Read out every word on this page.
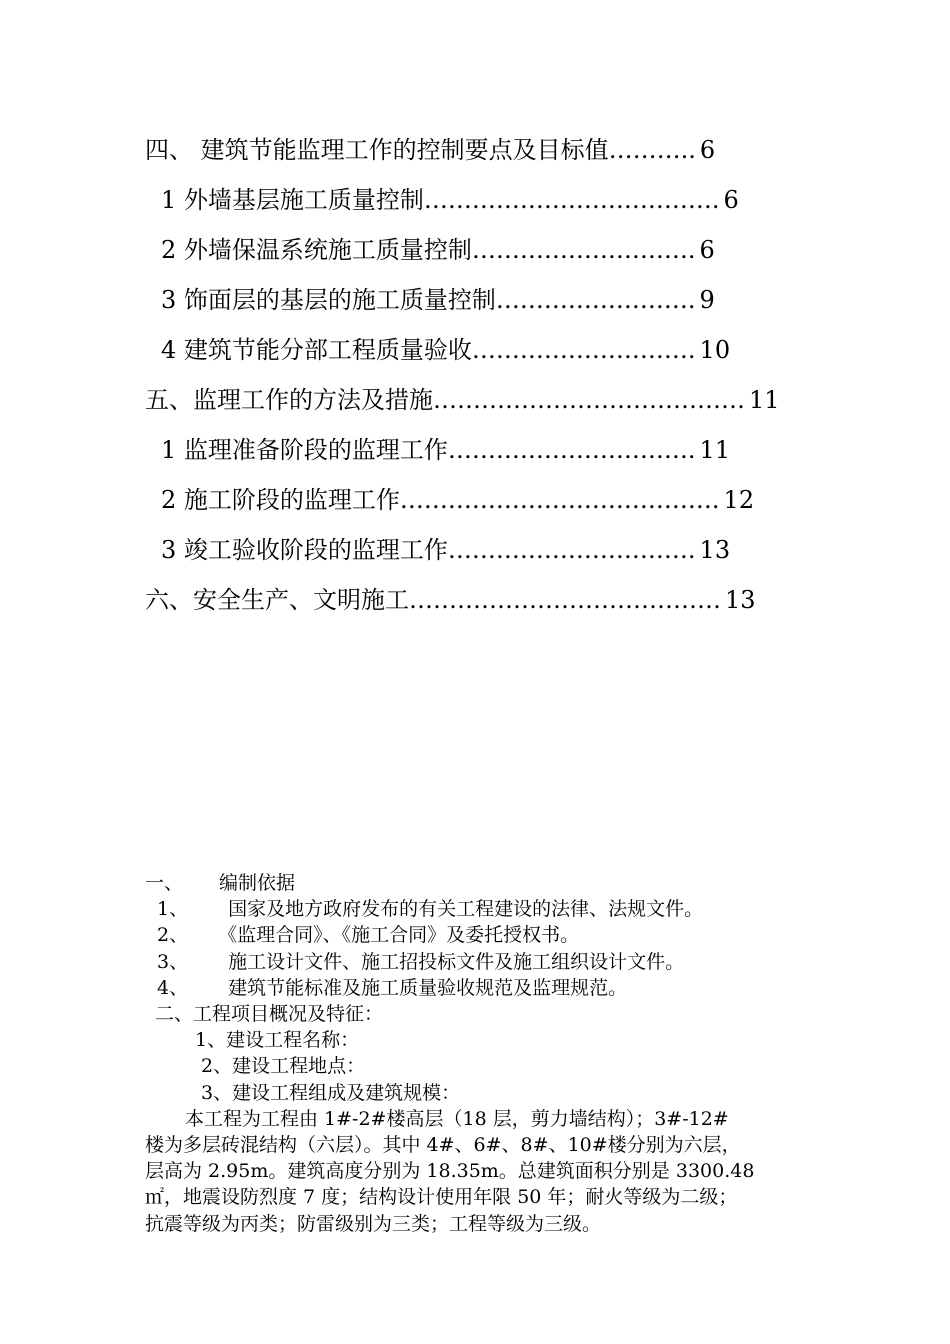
四、 建筑节能监理工作的控制要点及目标值……….. 6
1 外墙基层施工质量控制………………………………. 6
2 外墙保温系统施工质量控制………………………. 6
3 饰面层的基层的施工质量控制……………………. 9
4 建筑节能分部工程质量验收………………………. 10
五、监理工作的方法及措施………………………………… 11
1 监理准备阶段的监理工作…………………………. 11
2 施工阶段的监理工作…………………………………. 12
3 竣工验收阶段的监理工作…………………………. 13
六、安全生产、文明施工………………………………… 13
一、 编制依据
1、 国家及地方政府发布的有关工程建设的法律、法规文件。
2、 《监理合同》、《施工合同》及委托授权书。
3、 施工设计文件、施工招投标文件及施工组织设计文件。
4、 建筑节能标准及施工质量验收规范及监理规范。
二、工程项目概况及特征：
1、建设工程名称：
2、建设工程地点：
3、建设工程组成及建筑规模：
本工程为工程由 1#-2#楼高层（18 层，剪力墙结构）；3#-12#
楼为多层砖混结构（六层）。其中 4#、6#、8#、10#楼分别为六层，
层高为 2.95m。建筑高度分别为 18.35m。总建筑面积分别是 3300.48
㎡，地震设防烈度 7 度；结构设计使用年限 50 年；耐火等级为二级；
抗震等级为丙类；防雷级别为三类；工程等级为三级。
